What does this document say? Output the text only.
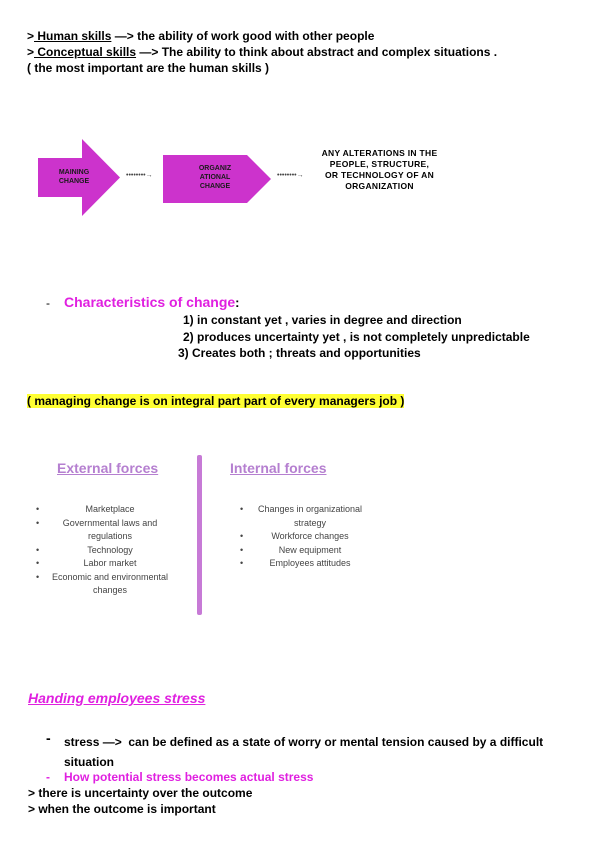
> Human skills —> the ability of work good with other people
> Conceptual skills —> The ability to think about abstract and complex situations .
( the most important are the human skills )
MAINING
CHANGE
••••••••→
ORGANIZ
ATIONAL
CHANGE
••••••••→
ANY ALTERATIONS IN THE
PEOPLE, STRUCTURE,
OR TECHNOLOGY OF AN
ORGANIZATION
- Characteristics of change:
1) in constant yet , varies in degree and direction
2) produces uncertainty yet , is not completely unpredictable
3) Creates both ; threats and opportunities
( managing change is on integral part part of every managers job )
External forces	Internal forces
•	Marketplace
•	Governmental laws and regulations
•	Technology
•	Labor market
• Economic and environmental changes
• Changes in organizational strategy
•	Workforce changes
•	New equipment
•	Employees attitudes
Handing employees stress
- stress —> can be defined as a state of worry or mental tension caused by a difficult situation
- How potential stress becomes actual stress
> there is uncertainty over the outcome
> when the outcome is important
